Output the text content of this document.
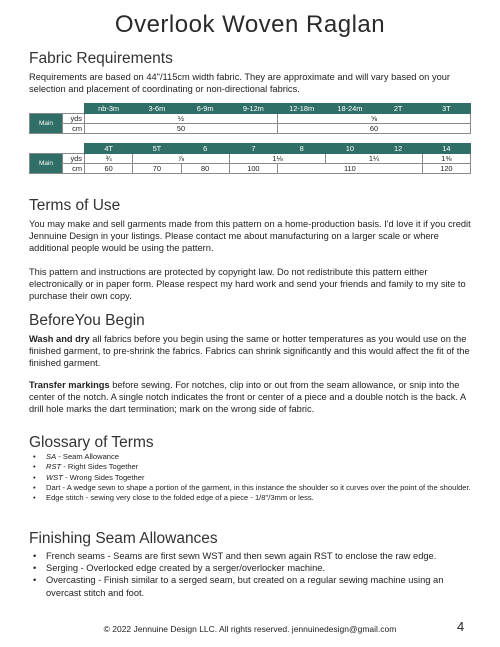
Overlook Woven Raglan
Fabric Requirements

Requirements are based on 44"/115cm width fabric. They are approximate and will vary based on your selection and placement of coordinating or non-directional fabrics.

		nb-3m	3-6m	6-9m	9-12m	12-18m	18-24m	2T	3T
Main	yds	½				⅝			
	cm	50				60			
		4T	5T	6	7	8	10	12	14
Main	yds	¾	⅞		1⅛		1¼		1⅜
	cm	60	70	80	100	110			120
Terms of Use

You may make and sell garments made from this pattern on a home-production basis. I'd love it if you credit Jennuine Design in your listings. Please contact me about manufacturing on a larger scale or where additional people would be using the pattern.

This pattern and instructions are protected by copyright law. Do not redistribute this pattern either electronically or in paper form. Please respect my hard work and send your friends and family to my site to purchase their own copy.

BeforeYou Begin

Wash and dry all fabrics before you begin using the same or hotter temperatures as you would use on the finished garment, to pre-shrink the fabrics. Fabrics can shrink significantly and this would affect the fit of the finished garment.

Transfer markings before sewing. For notches, clip into or out from the seam allowance, or snip into the center of the notch. A single notch indicates the front or center of a piece and a double notch is the back. A drill hole marks the dart termination; mark on the wrong side of fabric.

Glossary of Terms
• SA - Seam Allowance
• RST - Right Sides Together
• WST - Wrong Sides Together
• Dart - A wedge sewn to shape a portion of the garment, in this instance the shoulder so it curves over the point of the shoulder.
• Edge stitch - sewing very close to the folded edge of a piece - 1/8"/3mm or less.
Finishing Seam Allowances
• French seams - Seams are first sewn WST and then sewn again RST to enclose the raw edge.
• Serging - Overlocked edge created by a serger/overlocker machine.
• Overcasting - Finish similar to a serged seam, but created on a regular sewing machine using an overcast stitch and foot.
© 2022 Jennuine Design LLC. All rights reserved. jennuinedesign@gmail.com	4
